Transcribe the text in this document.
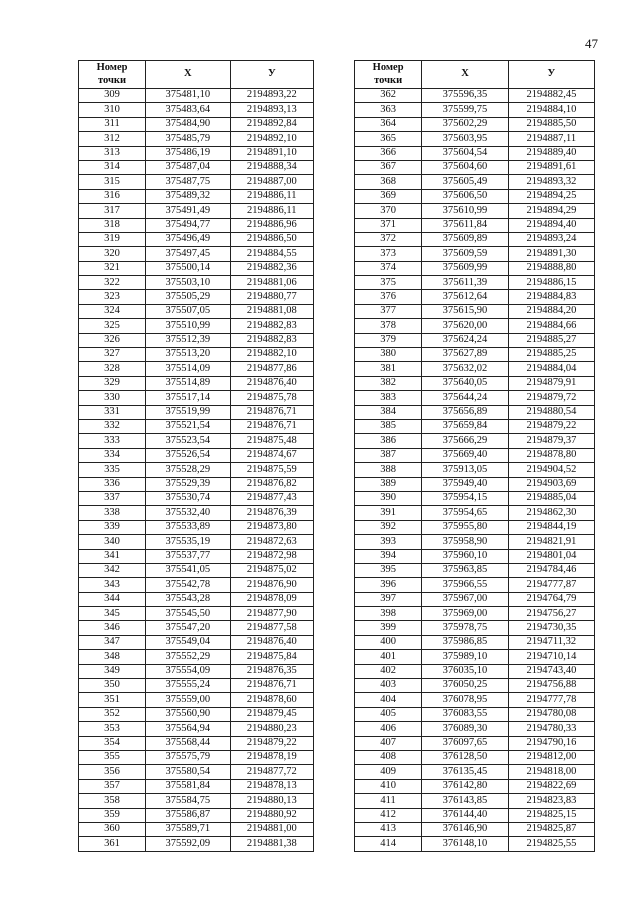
47
Номер
точки	X	У
309	375481,10	2194893,22
310	375483,64	2194893,13
311	375484,90	2194892,84
312	375485,79	2194892,10
313	375486,19	2194891,10
314	375487,04	2194888,34
315	375487,75	2194887,00
316	375489,32	2194886,11
317	375491,49	2194886,11
318	375494,77	2194886,96
319	375496,49	2194886,50
320	375497,45	2194884,55
321	375500,14	2194882,36
322	375503,10	2194881,06
323	375505,29	2194880,77
324	375507,05	2194881,08
325	375510,99	2194882,83
326	375512,39	2194882,83
327	375513,20	2194882,10
328	375514,09	2194877,86
329	375514,89	2194876,40
330	375517,14	2194875,78
331	375519,99	2194876,71
332	375521,54	2194876,71
333	375523,54	2194875,48
334	375526,54	2194874,67
335	375528,29	2194875,59
336	375529,39	2194876,82
337	375530,74	2194877,43
338	375532,40	2194876,39
339	375533,89	2194873,80
340	375535,19	2194872,63
341	375537,77	2194872,98
342	375541,05	2194875,02
343	375542,78	2194876,90
344	375543,28	2194878,09
345	375545,50	2194877,90
346	375547,20	2194877,58
347	375549,04	2194876,40
348	375552,29	2194875,84
349	375554,09	2194876,35
350	375555,24	2194876,71
351	375559,00	2194878,60
352	375560,90	2194879,45
353	375564,94	2194880,23
354	375568,44	2194879,22
355	375575,79	2194878,19
356	375580,54	2194877,72
357	375581,84	2194878,13
358	375584,75	2194880,13
359	375586,87	2194880,92
360	375589,71	2194881,00
361	375592,09	2194881,38
Номер
точки	X	У
362	375596,35	2194882,45
363	375599,75	2194884,10
364	375602,29	2194885,50
365	375603,95	2194887,11
366	375604,54	2194889,40
367	375604,60	2194891,61
368	375605,49	2194893,32
369	375606,50	2194894,25
370	375610,99	2194894,29
371	375611,84	2194894,40
372	375609,89	2194893,24
373	375609,59	2194891,30
374	375609,99	2194888,80
375	375611,39	2194886,15
376	375612,64	2194884,83
377	375615,90	2194884,20
378	375620,00	2194884,66
379	375624,24	2194885,27
380	375627,89	2194885,25
381	375632,02	2194884,04
382	375640,05	2194879,91
383	375644,24	2194879,72
384	375656,89	2194880,54
385	375659,84	2194879,22
386	375666,29	2194879,37
387	375669,40	2194878,80
388	375913,05	2194904,52
389	375949,40	2194903,69
390	375954,15	2194885,04
391	375954,65	2194862,30
392	375955,80	2194844,19
393	375958,90	2194821,91
394	375960,10	2194801,04
395	375963,85	2194784,46
396	375966,55	2194777,87
397	375967,00	2194764,79
398	375969,00	2194756,27
399	375978,75	2194730,35
400	375986,85	2194711,32
401	375989,10	2194710,14
402	376035,10	2194743,40
403	376050,25	2194756,88
404	376078,95	2194777,78
405	376083,55	2194780,08
406	376089,30	2194780,33
407	376097,65	2194790,16
408	376128,50	2194812,00
409	376135,45	2194818,00
410	376142,80	2194822,69
411	376143,85	2194823,83
412	376144,40	2194825,15
413	376146,90	2194825,87
414	376148,10	2194825,55
